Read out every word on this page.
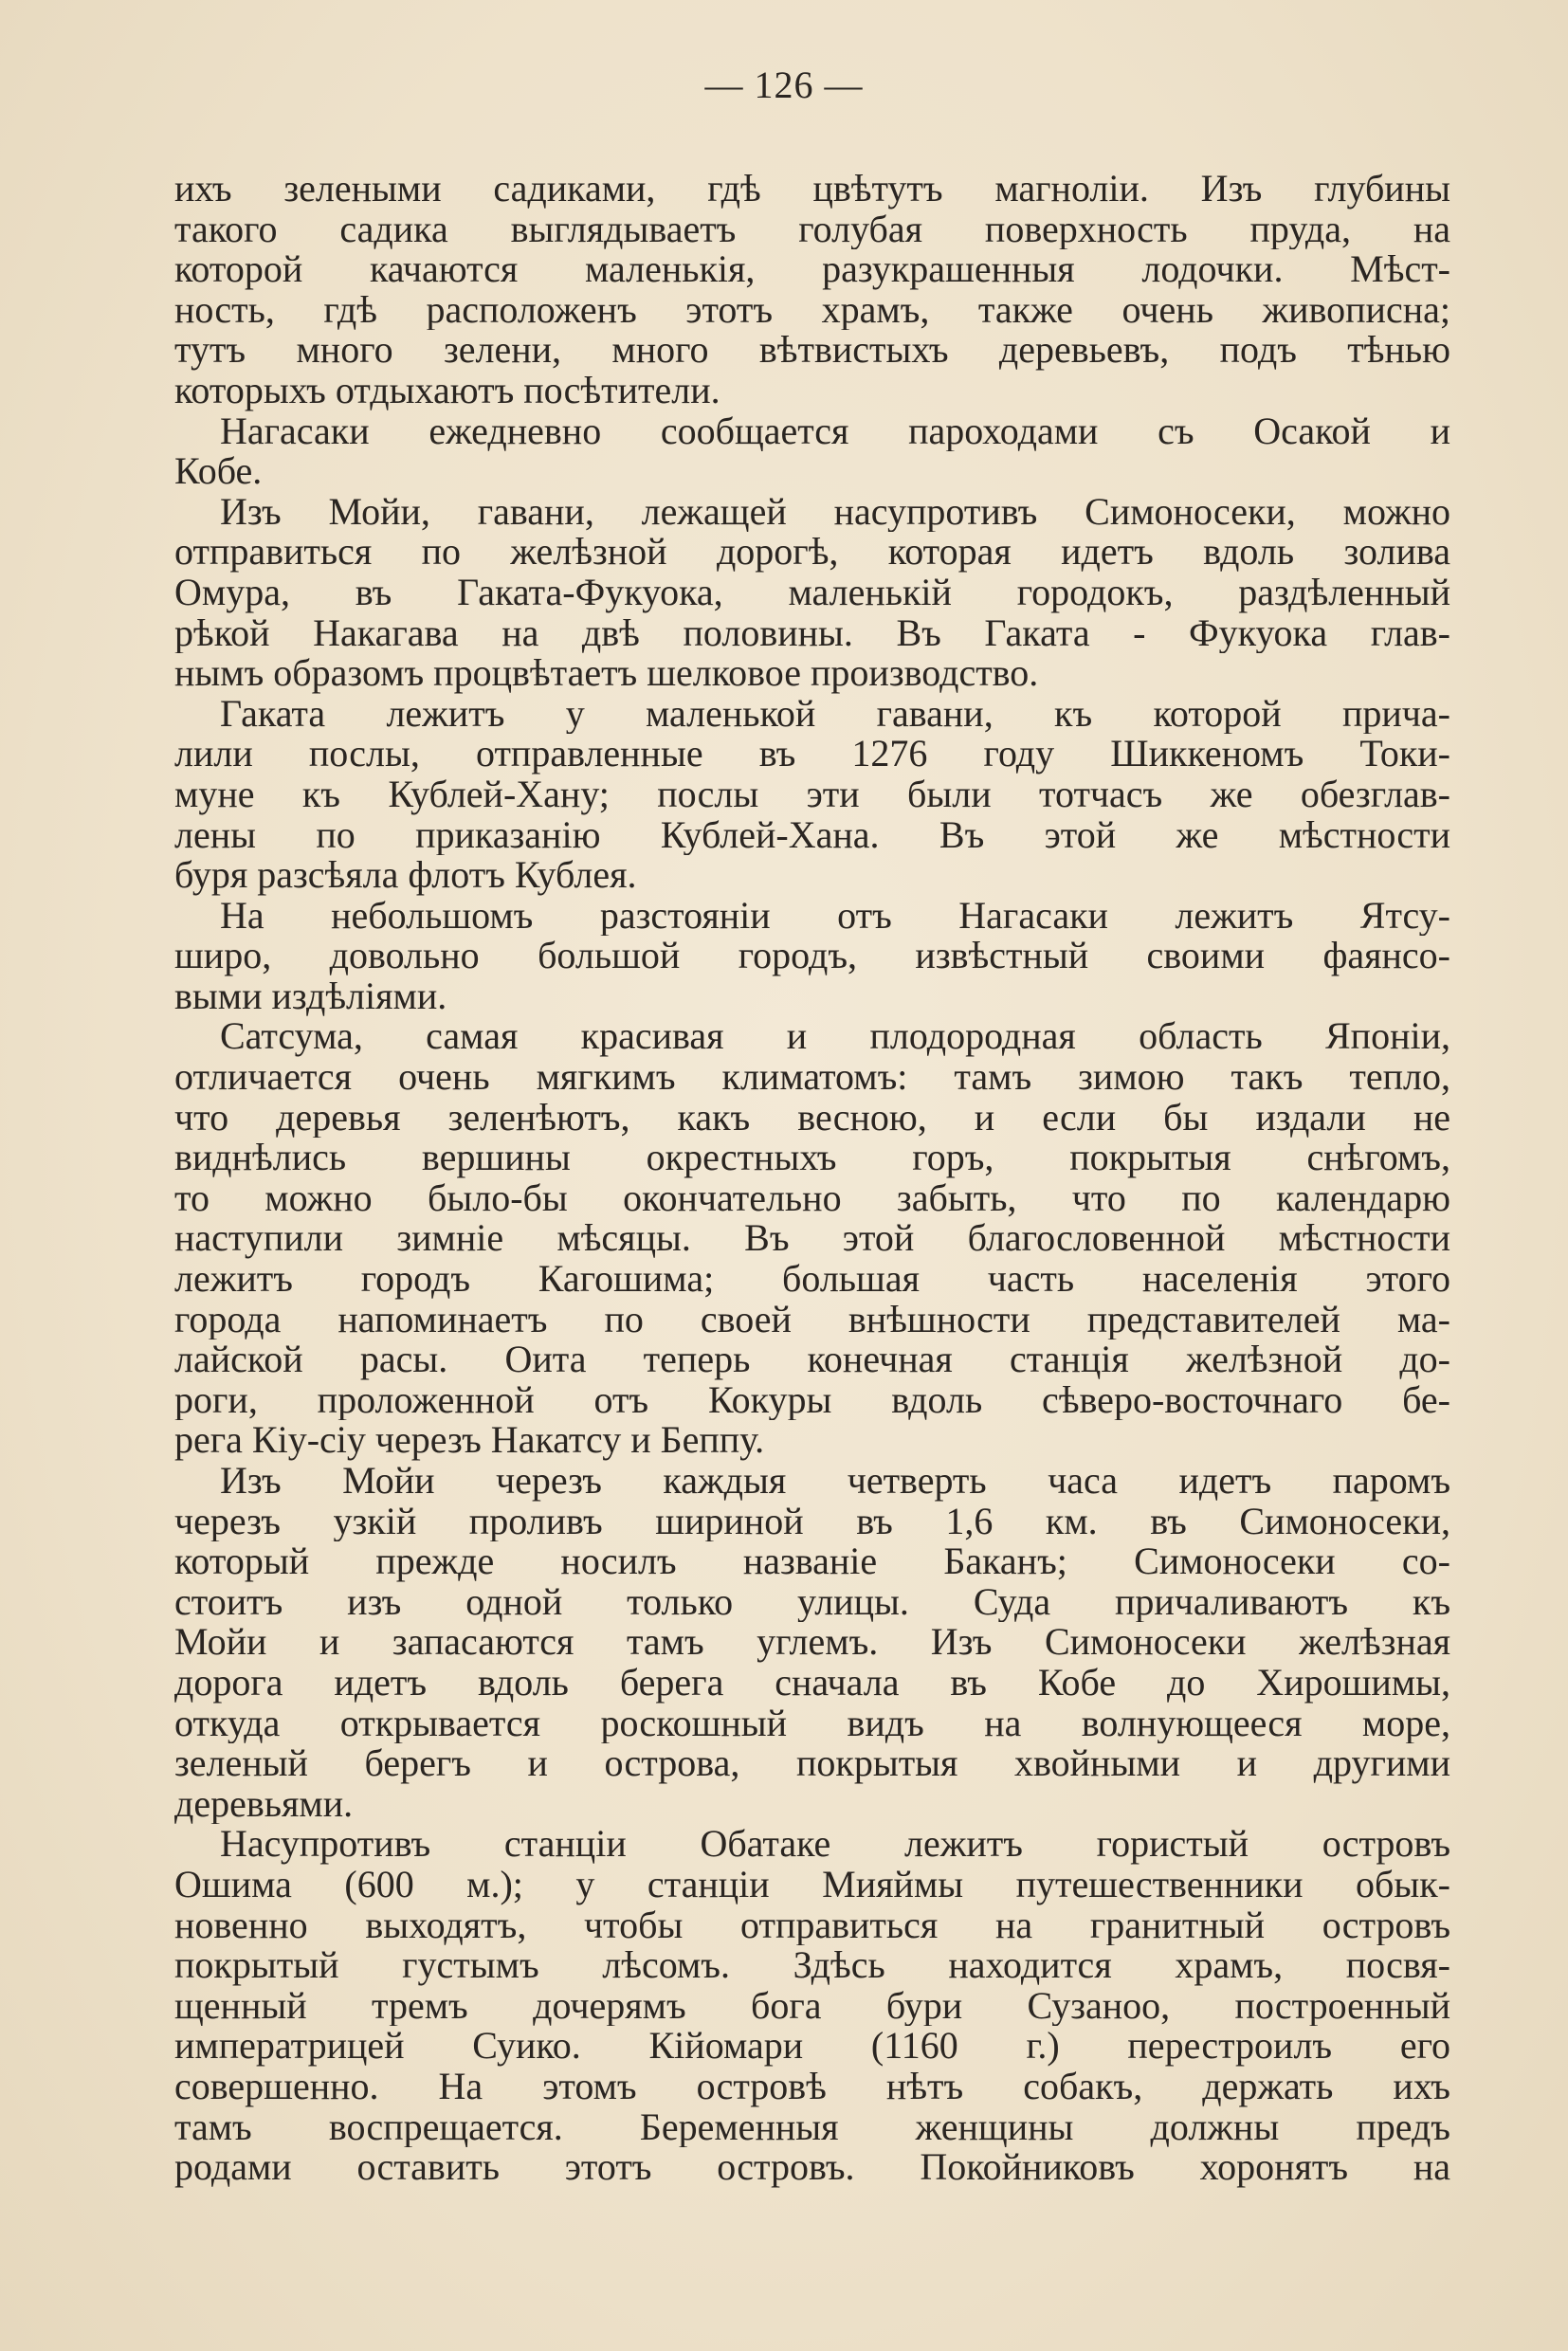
— 126 —
ихъ зелеными садиками, гдѣ цвѣтутъ магноліи. Изъ глубины
такого садика выглядываетъ голубая поверхность пруда, на
которой качаются маленькія, разукрашенныя лодочки. Мѣст-
ность, гдѣ расположенъ этотъ храмъ, также очень живописна;
тутъ много зелени, много вѣтвистыхъ деревьевъ, подъ тѣнью
которыхъ отдыхаютъ посѣтители.
Нагасаки ежедневно сообщается пароходами съ Осакой и
Кобе.
Изъ Мойи, гавани, лежащей насупротивъ Симоносеки, можно
отправиться по желѣзной дорогѣ, которая идетъ вдоль золива
Омура, въ Гаката-Фукуока, маленькій городокъ, раздѣленный
рѣкой Накагава на двѣ половины. Въ Гаката - Фукуока глав-
нымъ образомъ процвѣтаетъ шелковое производство.
Гаката лежитъ у маленькой гавани, къ которой прича-
лили послы, отправленные въ 1276 году Шиккеномъ Токи-
муне къ Кублей-Хану; послы эти были тотчасъ же обезглав-
лены по приказанію Кублей-Хана. Въ этой же мѣстности
буря разсѣяла флотъ Кублея.
На небольшомъ разстояніи отъ Нагасаки лежитъ Ятсу-
широ, довольно большой городъ, извѣстный своими фаянсо-
выми издѣліями.
Сатсума, самая красивая и плодородная область Японіи,
отличается очень мягкимъ климатомъ: тамъ зимою такъ тепло,
что деревья зеленѣютъ, какъ весною, и если бы издали не
виднѣлись вершины окрестныхъ горъ, покрытыя снѣгомъ,
то можно было-бы окончательно забыть, что по календарю
наступили зимніе мѣсяцы. Въ этой благословенной мѣстности
лежитъ городъ Кагошима; большая часть населенія этого
города напоминаетъ по своей внѣшности представителей ма-
лайской расы. Оита теперь конечная станція желѣзной до-
роги, проложенной отъ Кокуры вдоль сѣверо-восточнаго бе-
рега Кіу-сіу черезъ Накатсу и Беппу.
Изъ Мойи черезъ каждыя четверть часа идетъ паромъ
черезъ узкій проливъ шириной въ 1,6 км. въ Симоносеки,
который прежде носилъ названіе Баканъ; Симоносеки со-
стоитъ изъ одной только улицы. Суда причаливаютъ къ
Мойи и запасаются тамъ углемъ. Изъ Симоносеки желѣзная
дорога идетъ вдоль берега сначала въ Кобе до Хирошимы,
откуда открывается роскошный видъ на волнующееся море,
зеленый берегъ и острова, покрытыя хвойными и другими
деревьями.
Насупротивъ станціи Обатаке лежитъ гористый островъ
Ошима (600 м.); у станціи Мияймы путешественники обык-
новенно выходятъ, чтобы отправиться на гранитный островъ
покрытый густымъ лѣсомъ. Здѣсь находится храмъ, посвя-
щенный тремъ дочерямъ бога бури Сузаноо, построенный
императрицей Суико. Кійомари (1160 г.) перестроилъ его
совершенно. На этомъ островѣ нѣтъ собакъ, держать ихъ
тамъ воспрещается. Беременныя женщины должны предъ
родами оставить этотъ островъ. Покойниковъ хоронятъ на
